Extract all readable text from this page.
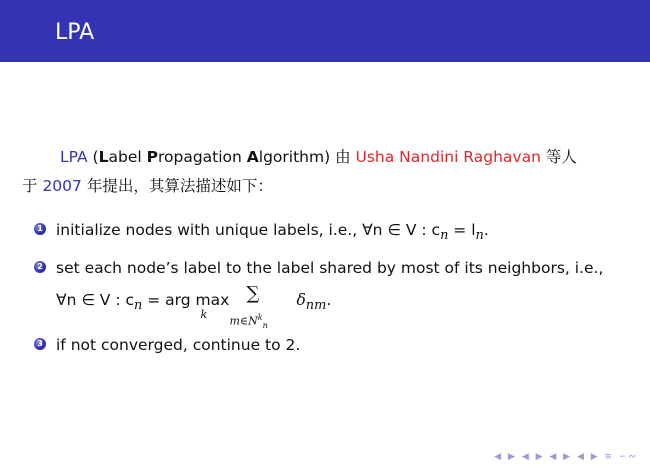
LPA
LPA (Label Propagation Algorithm) 由 Usha Nandini Raghavan 等人
于 2007 年提出，其算法描述如下：
1 initialize nodes with unique labels, i.e., ∀n ∈ V : $c_n = l_n$.
2 set each node’s label to the label shared by most of its neighbors, i.e.,
∀n ∈ V : $c_n$ = arg max
k
∑
$m\in N^k_n$
$\delta_{nm}$.
3 if not converged, continue to 2.
◀ ▶ ◀ ▶ ◀ ▶ ◀ ▶ ≡ ∽∾
